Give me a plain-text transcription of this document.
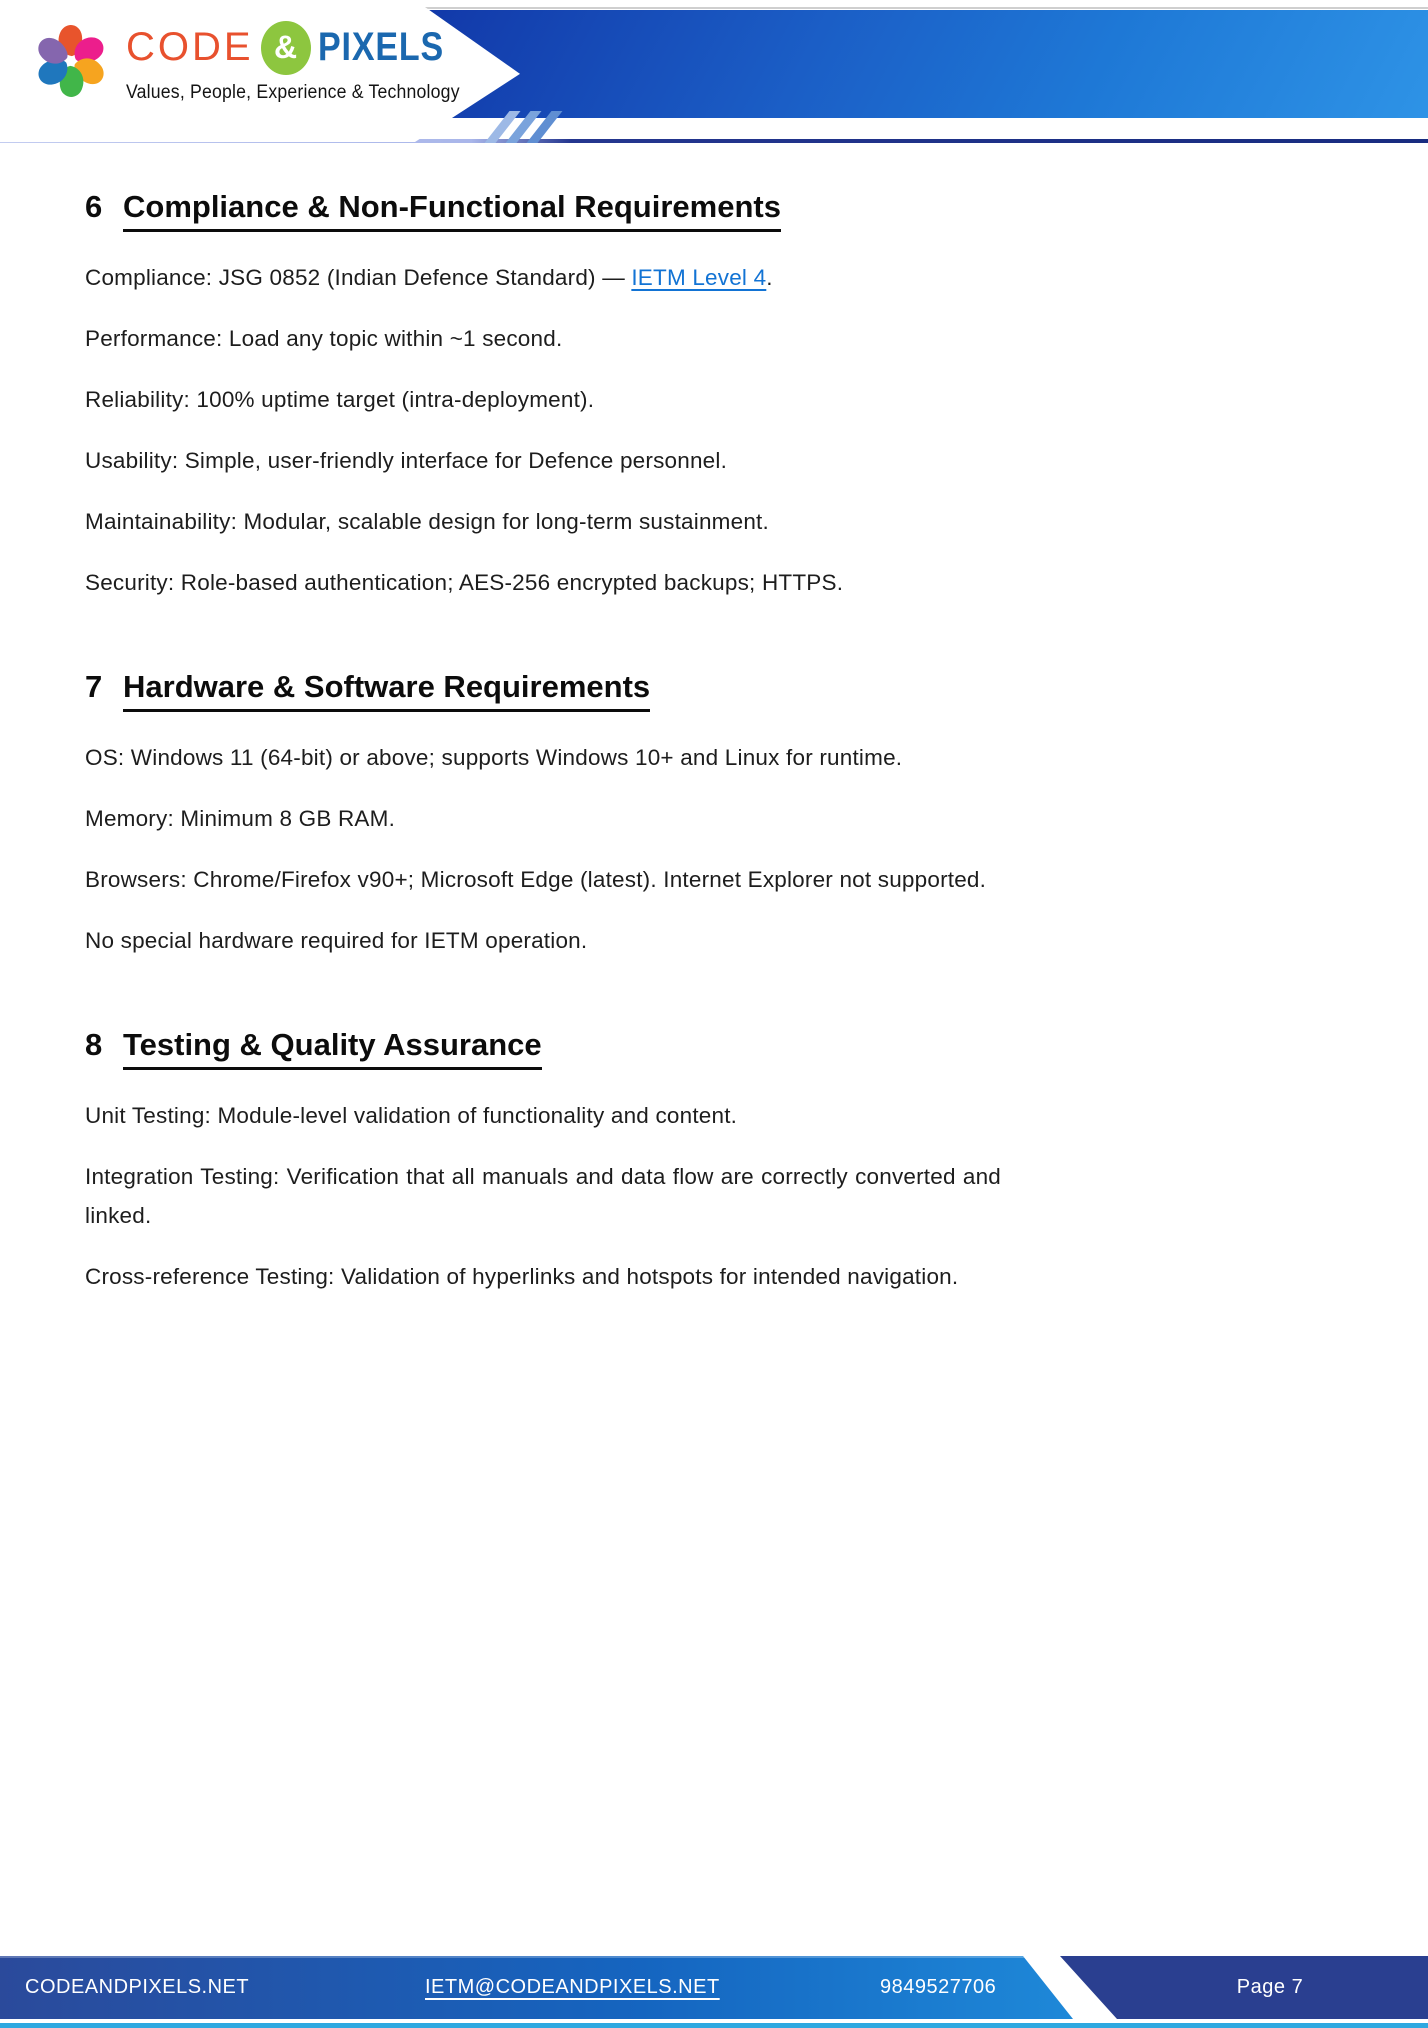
CODE & PIXELS
Values, People, Experience & Technology
6 Compliance & Non-Functional Requirements

Compliance: JSG 0852 (Indian Defence Standard) — IETM Level 4.

Performance: Load any topic within ~1 second.

Reliability: 100% uptime target (intra-deployment).

Usability: Simple, user-friendly interface for Defence personnel.

Maintainability: Modular, scalable design for long-term sustainment.

Security: Role-based authentication; AES-256 encrypted backups; HTTPS.

7 Hardware & Software Requirements

OS: Windows 11 (64-bit) or above; supports Windows 10+ and Linux for runtime.

Memory: Minimum 8 GB RAM.

Browsers: Chrome/Firefox v90+; Microsoft Edge (latest). Internet Explorer not supported.

No special hardware required for IETM operation.

8 Testing & Quality Assurance

Unit Testing: Module-level validation of functionality and content.

Integration Testing: Verification that all manuals and data flow are correctly converted and linked.

Cross-reference Testing: Validation of hyperlinks and hotspots for intended navigation.

CODEANDPIXELS.NET	IETM@CODEANDPIXELS.NET	9849527706	Page 7
